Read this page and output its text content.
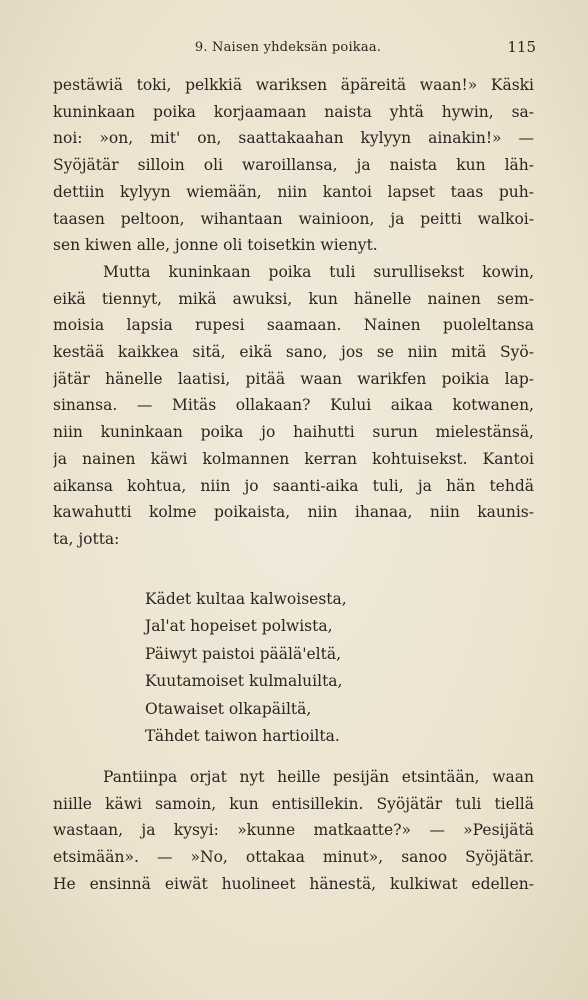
9. Naisen yhdeksän poikaa.	115
pestäwiä toki, pelkkiä wariksen äpäreitä waan!» Käski
kuninkaan poika korjaamaan naista yhtä hywin, sa-
noi: »on, mit' on, saattakaahan kylyyn ainakin!» —
Syöjätär silloin oli waroillansa, ja naista kun läh-
dettiin kylyyn wiemään, niin kantoi lapset taas puh-
taasen peltoon, wihantaan wainioon, ja peitti walkoi-
sen kiwen alle, jonne oli toisetkin wienyt.
Mutta kuninkaan poika tuli surullisekst kowin,
eikä tiennyt, mikä awuksi, kun hänelle nainen sem-
moisia lapsia rupesi saamaan. Nainen puoleltansa
kestää kaikkea sitä, eikä sano, jos se niin mitä Syö-
jätär hänelle laatisi, pitää waan warikfen poikia lap-
sinansa. — Mitäs ollakaan? Kului aikaa kotwanen,
niin kuninkaan poika jo haihutti surun mielestänsä,
ja nainen käwi kolmannen kerran kohtuisekst. Kantoi
aikansa kohtua, niin jo saanti-aika tuli, ja hän tehdä
kawahutti kolme poikaista, niin ihanaa, niin kaunis-
ta, jotta:
Kädet kultaa kalwoisesta,
Jal'at hopeiset polwista,
Päiwyt paistoi päälä'eltä,
Kuutamoiset kulmaluilta,
Otawaiset olkapäiltä,
Tähdet taiwon hartioilta.
Pantiinpa orjat nyt heille pesijän etsintään, waan
niille käwi samoin, kun entisillekin. Syöjätär tuli tiellä
wastaan, ja kysyi: »kunne matkaatte?» — »Pesijätä
etsimään». — »No, ottakaa minut», sanoo Syöjätär.
He ensinnä eiwät huolineet hänestä, kulkiwat edellen-
